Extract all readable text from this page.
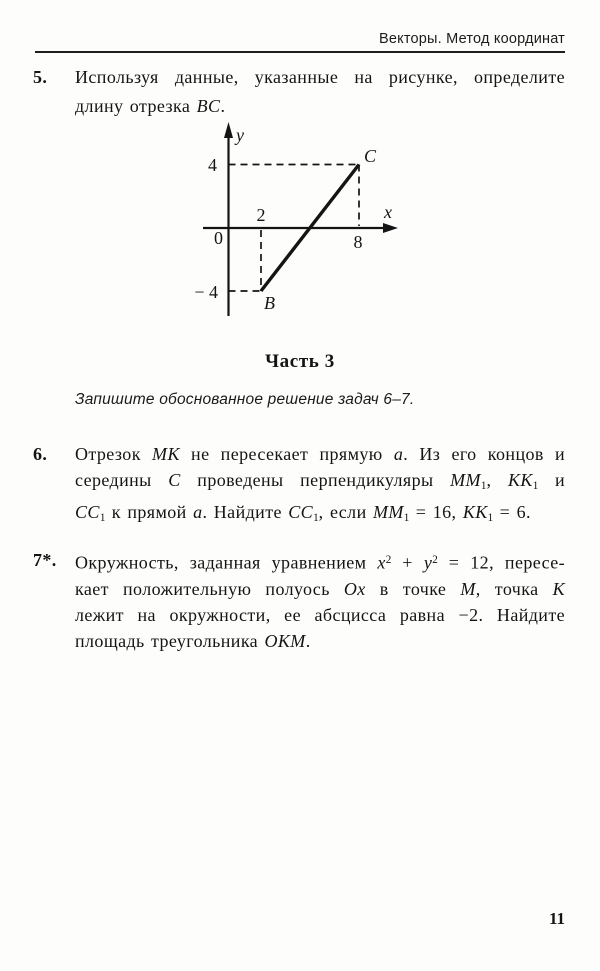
Векторы. Метод координат
5. Используя данные, указанные на рисунке, определите
длину отрезка BC.
y
x
4
0
− 4
2
8
C
B
Часть 3

Запишите обоснованное решение задач 6–7.

6. Отрезок MK не пересекает прямую a. Из его концов и
середины C проведены перпендикуляры MM1, KK1 и
CC1 к прямой a. Найдите CC1, если MM1 = 16, KK1 = 6.
7*. Окружность, заданная уравнением $x^2 + y^2 = 12$, пересе-
кает положительную полуось Ox в точке M, точка K
лежит на окружности, ее абсцисса равна −2. Найдите
площадь треугольника OKM.
11
